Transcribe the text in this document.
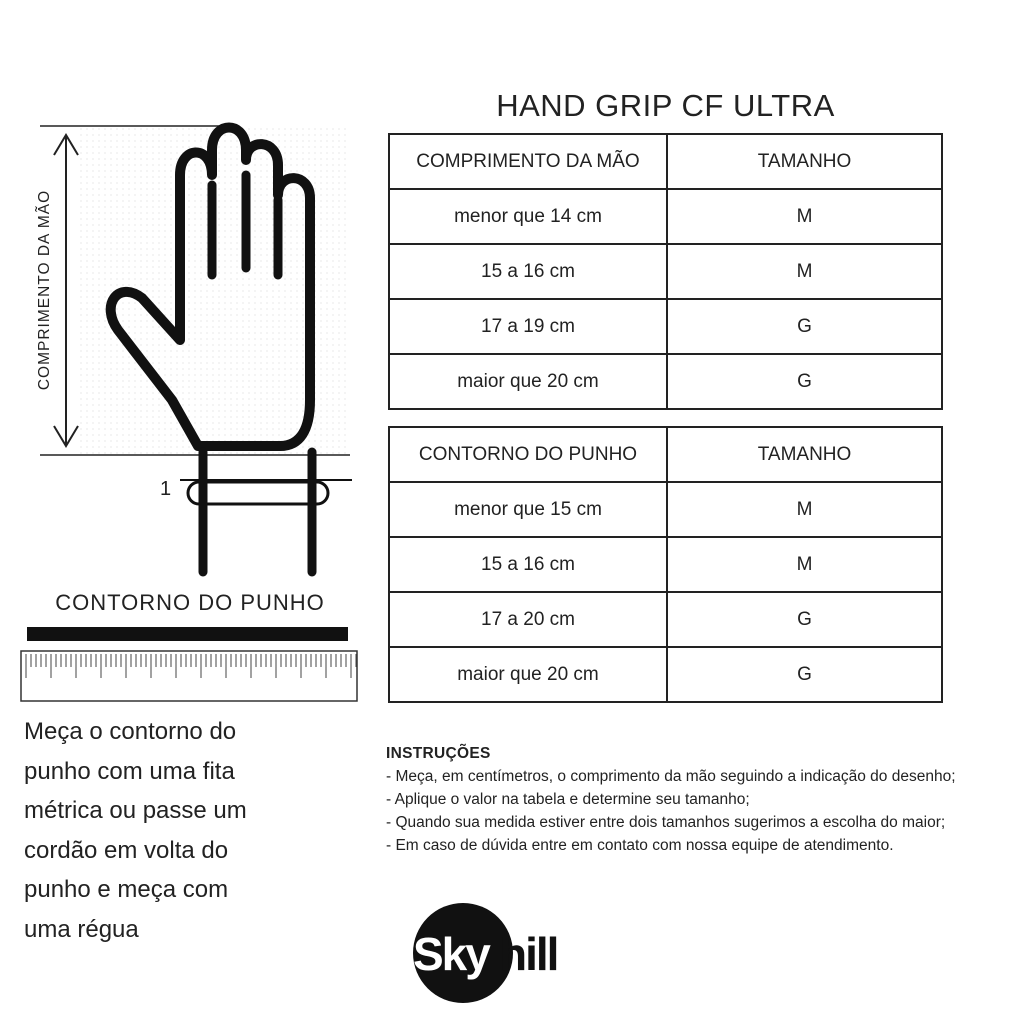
HAND GRIP CF ULTRA
COMPRIMENTO DA MÃO	TAMANHO
menor que 14 cm	M
15 a 16 cm	M
17 a 19 cm	G
maior que 20 cm	G
CONTORNO DO PUNHO	TAMANHO
menor que 15 cm	M
15 a 16 cm	M
17 a 20 cm	G
maior que 20 cm	G
COMPRIMENTO DA MÃO
1
CONTORNO DO PUNHO
Meça o contorno do
punho com uma fita
métrica ou passe um
cordão em volta do
punho e meça com
uma régua
INSTRUÇÕES
- Meça, em centímetros, o comprimento da mão seguindo a indicação do desenho;
- Aplique o valor na tabela e determine seu tamanho;
- Quando sua medida estiver entre dois tamanhos sugerimos a escolha do maior;
- Em caso de dúvida entre em contato com nossa equipe de atendimento.
Sky hill
